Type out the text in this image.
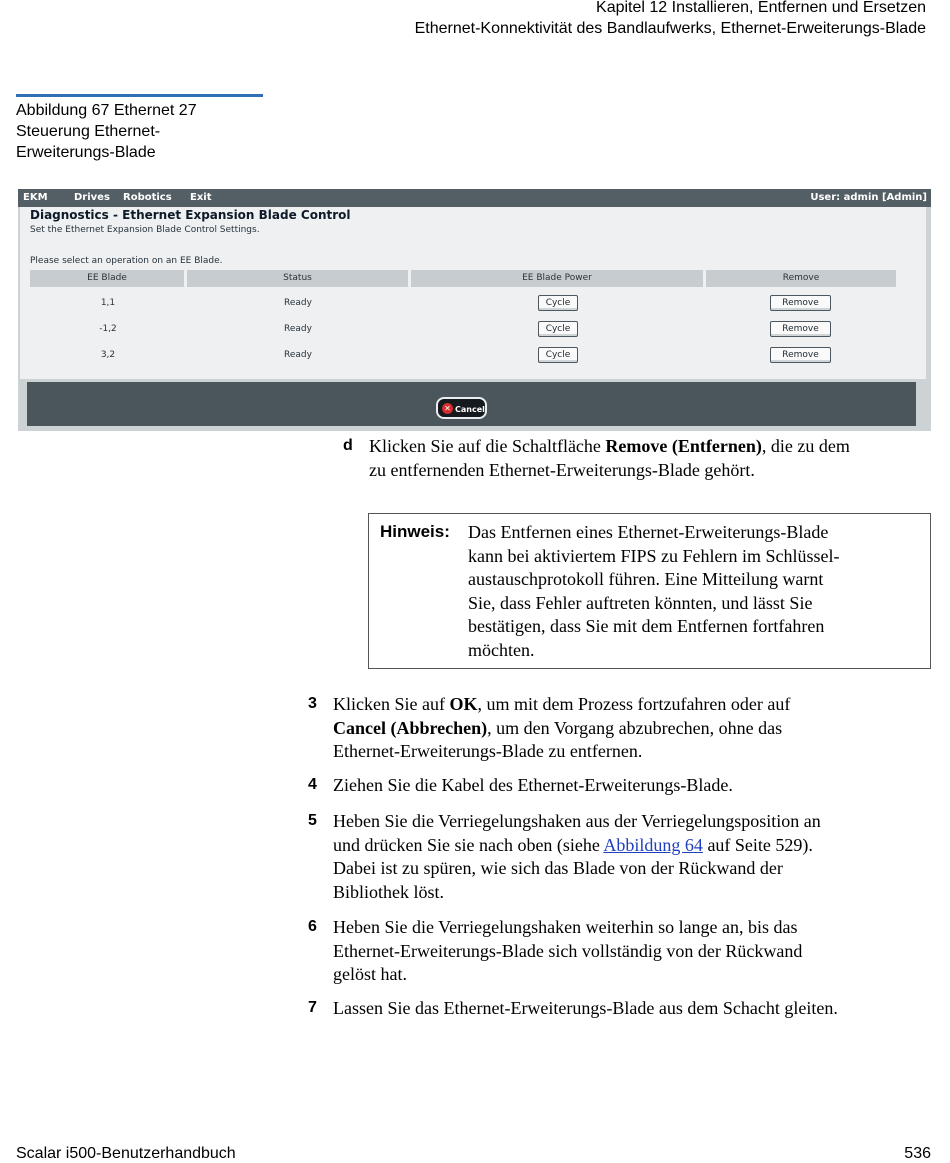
Kapitel 12 Installieren, Entfernen und Ersetzen
Ethernet-Konnektivität des Bandlaufwerks, Ethernet-Erweiterungs-Blade
Abbildung 67 Ethernet 27
Steuerung Ethernet-
Erweiterungs-Blade
EKM	Drives Robotics Exit	User: admin [Admin]
Diagnostics - Ethernet Expansion Blade Control
Set the Ethernet Expansion Blade Control Settings.
Please select an operation on an EE Blade.
EE Blade	Status	EE Blade Power	Remove
1,1	Ready	Cycle	Remove
-1,2	Ready	Cycle	Remove
3,2	Ready	Cycle	Remove
✕ Cancel
d Klicken Sie auf die Schaltfläche Remove (Entfernen), die zu dem
zu entfernenden Ethernet-Erweiterungs-Blade gehört.
Hinweis: Das Entfernen eines Ethernet-Erweiterungs-Blade
kann bei aktiviertem FIPS zu Fehlern im Schlüssel-
austauschprotokoll führen. Eine Mitteilung warnt
Sie, dass Fehler auftreten könnten, und lässt Sie
bestätigen, dass Sie mit dem Entfernen fortfahren
möchten.
3 Klicken Sie auf OK, um mit dem Prozess fortzufahren oder auf
Cancel (Abbrechen), um den Vorgang abzubrechen, ohne das
Ethernet-Erweiterungs-Blade zu entfernen.
4 Ziehen Sie die Kabel des Ethernet-Erweiterungs-Blade.
5 Heben Sie die Verriegelungshaken aus der Verriegelungsposition an
und drücken Sie sie nach oben (siehe Abbildung 64 auf Seite 529).
Dabei ist zu spüren, wie sich das Blade von der Rückwand der
Bibliothek löst.
6 Heben Sie die Verriegelungshaken weiterhin so lange an, bis das
Ethernet-Erweiterungs-Blade sich vollständig von der Rückwand
gelöst hat.
7 Lassen Sie das Ethernet-Erweiterungs-Blade aus dem Schacht gleiten.
Scalar i500-Benutzerhandbuch	536
